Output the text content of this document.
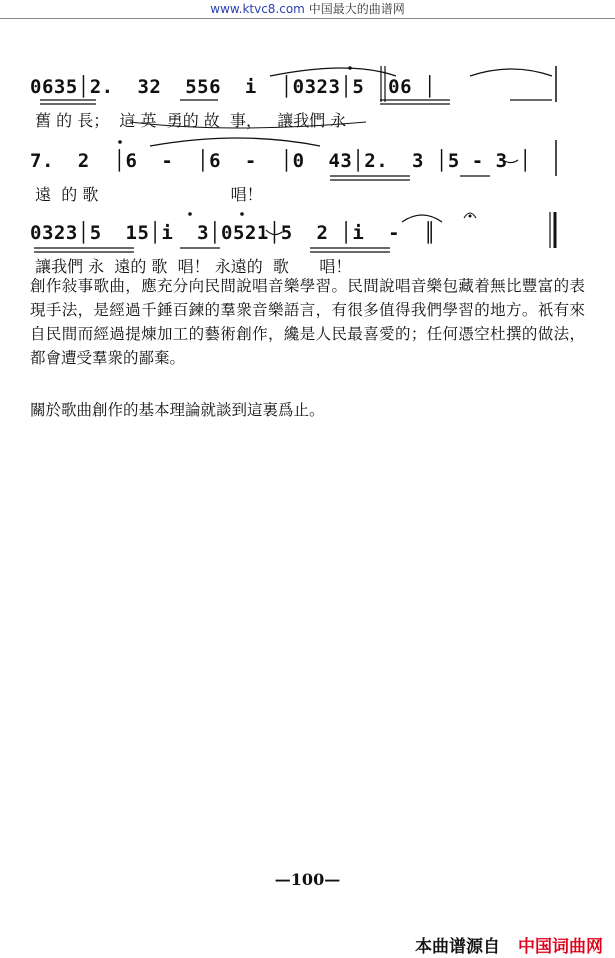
www.ktvc8.com 中国最大的曲谱网
0635│2.  32  556  i  │0323│5  06 │
舊 的 長；  這 英  勇的 故  事，   讓我們 永
7.  2  │6  -  │6  -  │0  43│2.  3 │5 - 3 │
遠  的 歌                          唱！
0323│5  15│i  3│0521│5  2 │i  -  ║
讓我們 永  遠的 歌  唱！ 永遠的  歌      唱！
創作敍事歌曲，應充分向民間說唱音樂學習。民間說唱音樂包藏着無比豐富的表現手法，是經過千錘百鍊的羣衆音樂語言，有很多值得我們學習的地方。祇有來自民間而經過提煉加工的藝術創作，纔是人民最喜愛的；任何憑空杜撰的做法，都會遭受羣衆的鄙棄。
關於歌曲創作的基本理論就談到這裏爲止。
—100—
本曲谱源自 中国词曲网
